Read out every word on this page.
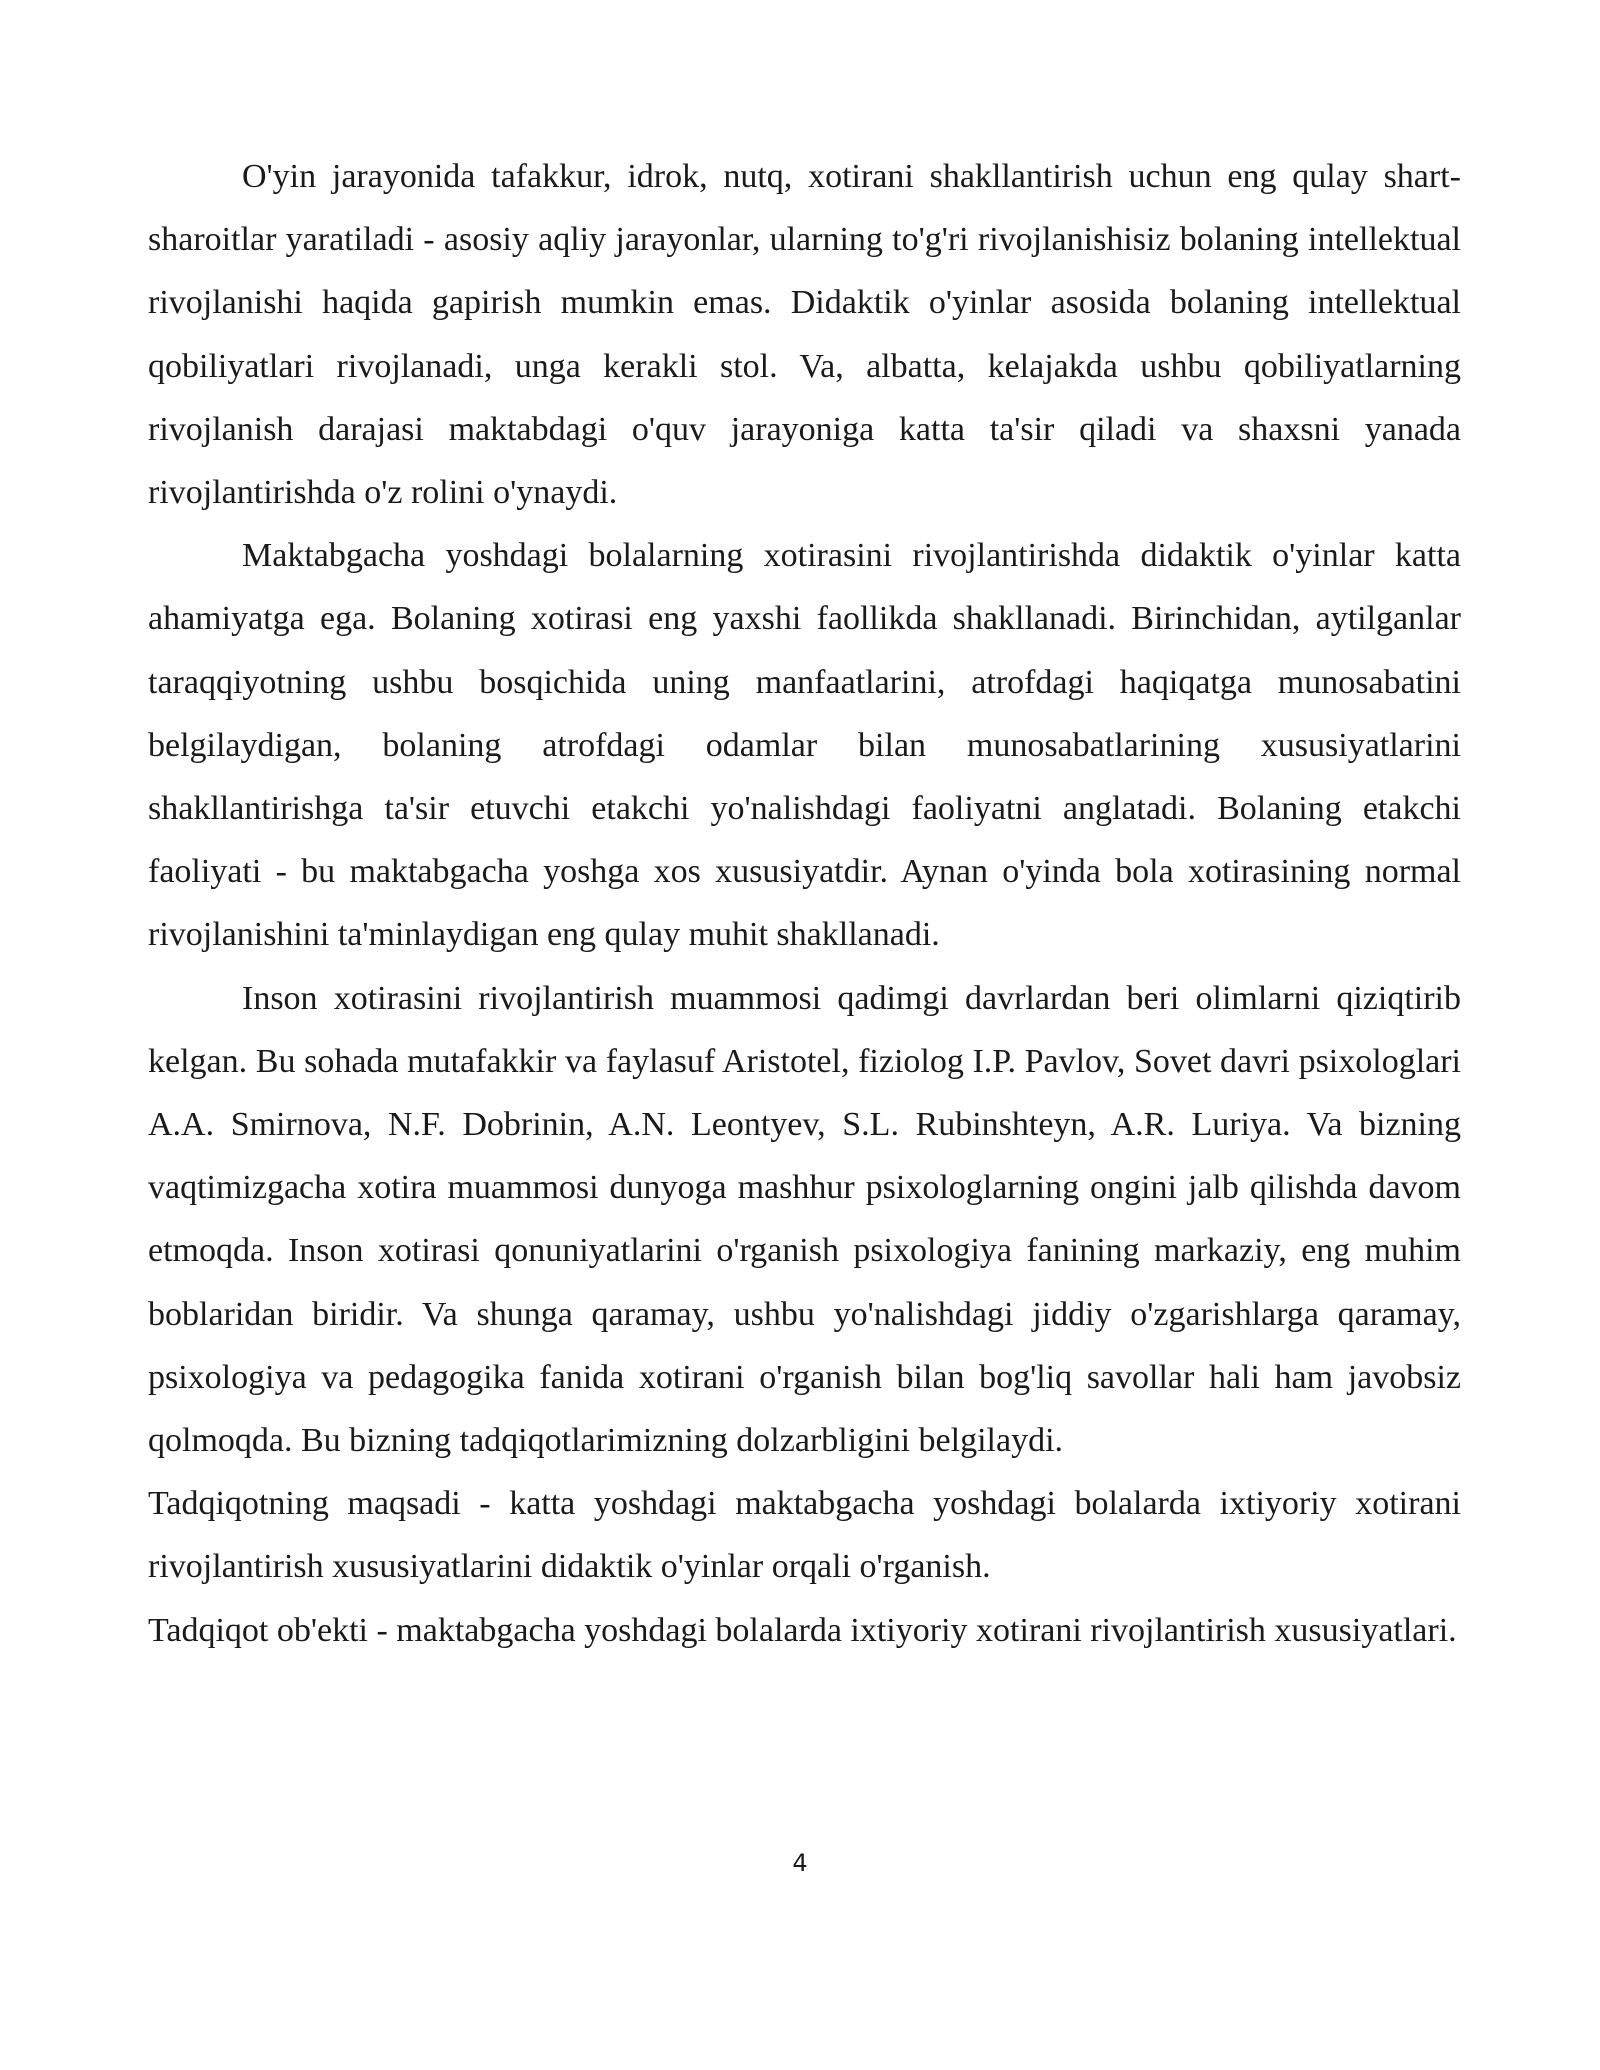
O'yin jarayonida tafakkur, idrok, nutq, xotirani shakllantirish uchun eng qulay shart-sharoitlar yaratiladi - asosiy aqliy jarayonlar, ularning to'g'ri rivojlanishisiz bolaning intellektual rivojlanishi haqida gapirish mumkin emas. Didaktik o'yinlar asosida bolaning intellektual qobiliyatlari rivojlanadi, unga kerakli stol. Va, albatta, kelajakda ushbu qobiliyatlarning rivojlanish darajasi maktabdagi o'quv jarayoniga katta ta'sir qiladi va shaxsni yanada rivojlantirishda o'z rolini o'ynaydi.

Maktabgacha yoshdagi bolalarning xotirasini rivojlantirishda didaktik o'yinlar katta ahamiyatga ega. Bolaning xotirasi eng yaxshi faollikda shakllanadi. Birinchidan, aytilganlar taraqqiyotning ushbu bosqichida uning manfaatlarini, atrofdagi haqiqatga munosabatini belgilaydigan, bolaning atrofdagi odamlar bilan munosabatlarining xususiyatlarini shakllantirishga ta'sir etuvchi etakchi yo'nalishdagi faoliyatni anglatadi. Bolaning etakchi faoliyati - bu maktabgacha yoshga xos xususiyatdir. Aynan o'yinda bola xotirasining normal rivojlanishini ta'minlaydigan eng qulay muhit shakllanadi.

Inson xotirasini rivojlantirish muammosi qadimgi davrlardan beri olimlarni qiziqtirib kelgan. Bu sohada mutafakkir va faylasuf Aristotel, fiziolog I.P. Pavlov, Sovet davri psixologlari A.A. Smirnova, N.F. Dobrinin, A.N. Leontyev, S.L. Rubinshteyn, A.R. Luriya. Va bizning vaqtimizgacha xotira muammosi dunyoga mashhur psixologlarning ongini jalb qilishda davom etmoqda. Inson xotirasi qonuniyatlarini o'rganish psixologiya fanining markaziy, eng muhim boblaridan biridir. Va shunga qaramay, ushbu yo'nalishdagi jiddiy o'zgarishlarga qaramay, psixologiya va pedagogika fanida xotirani o'rganish bilan bog'liq savollar hali ham javobsiz qolmoqda. Bu bizning tadqiqotlarimizning dolzarbligini belgilaydi.

Tadqiqotning maqsadi - katta yoshdagi maktabgacha yoshdagi bolalarda ixtiyoriy xotirani rivojlantirish xususiyatlarini didaktik o'yinlar orqali o'rganish.

Tadqiqot ob'ekti - maktabgacha yoshdagi bolalarda ixtiyoriy xotirani rivojlantirish xususiyatlari.

4
